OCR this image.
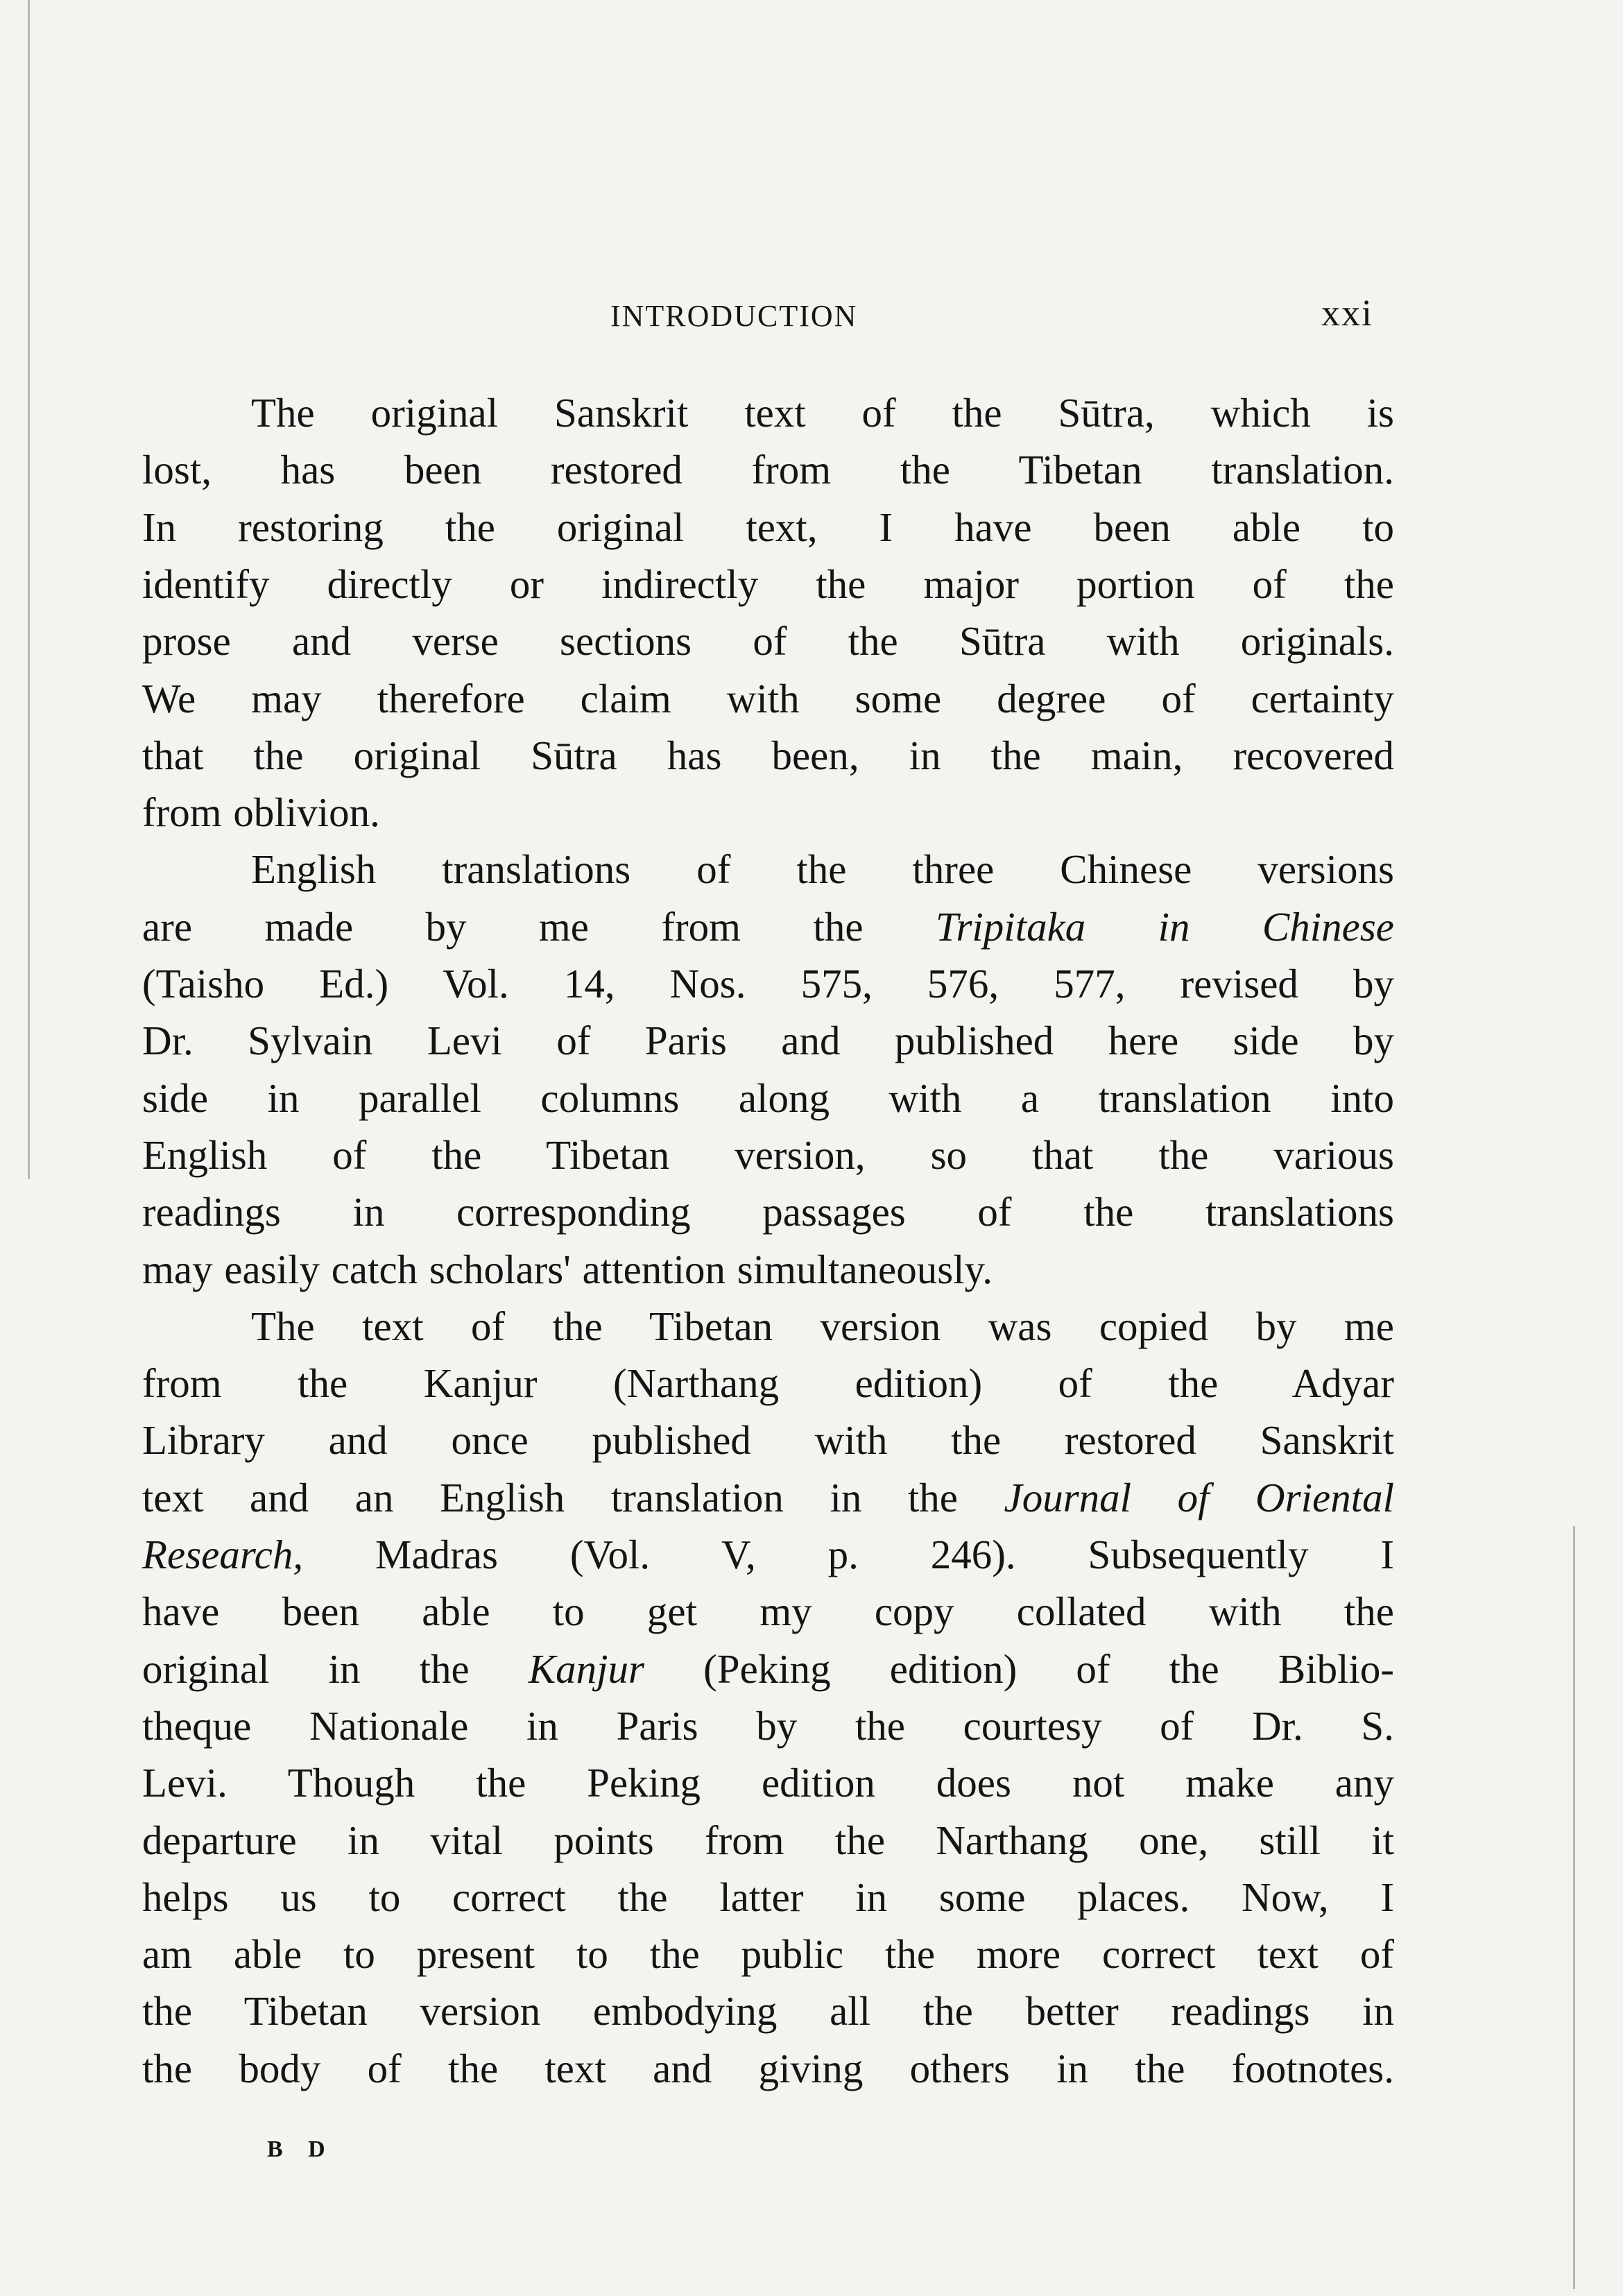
INTRODUCTION	xxi
The original Sanskrit text of the Sūtra, which is
lost, has been restored from the Tibetan translation.
In restoring the original text, I have been able to
identify directly or indirectly the major portion of the
prose and verse sections of the Sūtra with originals.
We may therefore claim with some degree of certainty
that the original Sūtra has been, in the main, recovered
from oblivion.
English translations of the three Chinese versions
are made by me from the Tripitaka in Chinese
(Taisho Ed.) Vol. 14, Nos. 575, 576, 577, revised by
Dr. Sylvain Levi of Paris and published here side by
side in parallel columns along with a translation into
English of the Tibetan version, so that the various
readings in corresponding passages of the translations
may easily catch scholars' attention simultaneously.
The text of the Tibetan version was copied by me
from the Kanjur (Narthang edition) of the Adyar
Library and once published with the restored Sanskrit
text and an English translation in the Journal of Oriental
Research, Madras (Vol. V, p. 246). Subsequently I
have been able to get my copy collated with the
original in the Kanjur (Peking edition) of the Biblio-
theque Nationale in Paris by the courtesy of Dr. S.
Levi. Though the Peking edition does not make any
departure in vital points from the Narthang one, still it
helps us to correct the latter in some places. Now, I
am able to present to the public the more correct text of
the Tibetan version embodying all the better readings in
the body of the text and giving others in the footnotes.
B D
